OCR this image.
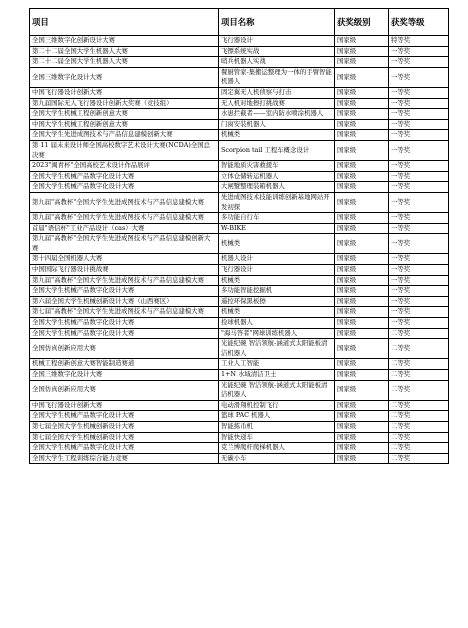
项目	项目名称	获奖级别	获奖等级
全国三维数字化创新设计大赛	飞行器设计	国家级	特等奖
第二十二届全国大学生机器人大赛	飞镖系统实战	国家级	一等奖
第二十二届全国大学生机器人大赛	哨兵机器人实战	国家级	一等奖
全国三维数字化设计大赛	餐厨管家-集搬运整理为一体的手臂智能机器人	国家级	一等奖
中国飞行器设计创新大赛	固定翼无人机侦察与打击	国家级	一等奖
第九届国际无人飞行器设计创新大奖赛（竞技组）	无人机对地擦打挑战赛	国家级	一等奖
全国大学生机械工程创新创意大赛	水患拦截者——室内防水喷涂机器人	国家级	一等奖
中国大学生机械工程创新创意大赛	门窗安装机器人	国家级	一等奖
全国大学生先进成图技术与产品信息建模创新大赛	机械类	国家级	一等奖
第 11 届未来设计师全国高校数字艺术设计大赛(NCDA)全国总决赛	Scorpion tail 工程车概念设计	国家级	一等奖
2023"闽青杯"全国高校艺术设计作品展评	智能地质灾害救援车	国家级	一等奖
全国大学生机械产品数字化设计大赛	立体仓储转运机器人	国家级	一等奖
全国大学生机械产品数字化设计大赛	大闸蟹整理装箱机器人	国家级	一等奖
第九届"高教杯"全国大学生先进成图技术与产品信息建模大赛	先进成图技术技能训练创新基地网站开发初探	国家级	一等奖
第九届"高教杯"全国大学生先进成图技术与产品信息建模大赛	多功能自行车	国家级	一等奖
首届"语信杯"工业产品设计（cas）大赛	W-BIKE	国家级	一等奖
第九届"高教杯"全国大学生先进成图技术与产品信息建模创新大赛	机械类	国家级	一等奖
第十四届全国机器人大赛	机器人设计	国家级	一等奖
中国国际飞行器设计挑战赛	飞行器设计	国家级	一等奖
第九届"高教杯"全国大学生先进成图技术与产品信息建模大赛	机械类	国家级	一等奖
全国大学生机械产品数字化设计大赛	多功能智能挖掘机	国家级	一等奖
第六届全国大学生机械创新设计大赛（山西赛区）	遥控环保黑板擦	国家级	一等奖
第七届"高教杯"全国大学生先进成图技术与产品信息建模大赛	机械类	国家级	一等奖
全国大学生机械产品数字化设计大赛	捡球机器人	国家级	一等奖
全国大学生机械产品数字化设计大赛	"海马答者"网球训练机器人	国家级	二等奖
全国仿真创新应用大赛	光能纪碗 智洁领航-涵道式太阳能板清洁机器人	国家级	二等奖
机械工程创新创意大赛智能制造赛道	工业人工智能	国家级	二等奖
全国三维数字化设计大赛	1+N 水域清洁卫士	国家级	二等奖
全国仿真创新应用大赛	光能纪碗 智洁领航-涵道式太阳能板清洁机器人	国家级	二等奖
中国飞行器设计创新大赛	电动滑翔机控制飞行	国家级	二等奖
全国大学生机械产品数字化设计大赛	篮球 PAC 机器人	国家级	二等奖
第七届全国大学生机械创新设计大赛	智能拣币机	国家级	二等奖
第七届全国大学生机械创新设计大赛	智能快递车	国家级	二等奖
全国大学生机械产品数字化设计大赛	克兰博爬杆爬梯机器人	国家级	二等奖
全国大学生工程训练综合能力竞赛	无碳小车	国家级	二等奖
